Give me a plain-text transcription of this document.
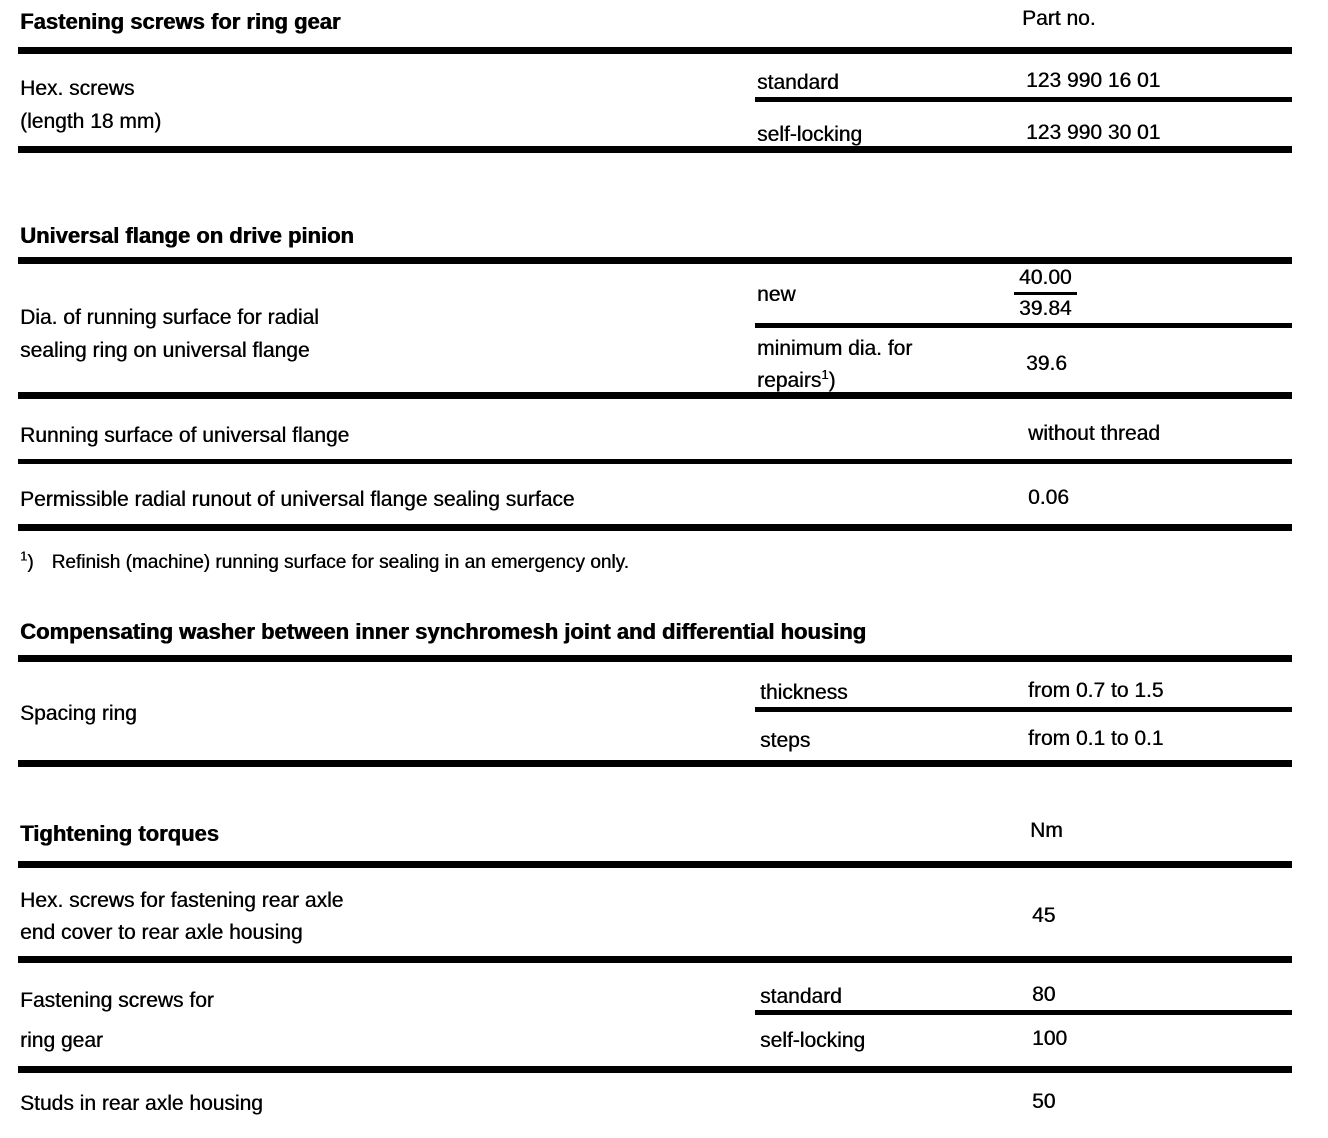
Fastening screws for ring gear	Part no.
Hex. screws
(length 18 mm)
standard	123 990 16 01
self-locking	123 990 30 01
Universal flange on drive pinion
Dia. of running surface for radial
sealing ring on universal flange
new	$\frac{40.00}{39.84}$
minimum dia. for
repairs$^1$)
39.6
Running surface of universal flange	without thread
Permissible radial runout of universal flange sealing surface	0.06
$^1$) Refinish (machine) running surface for sealing in an emergency only.
Compensating washer between inner synchromesh joint and differential housing
Spacing ring
thickness	from 0.7 to 1.5
steps	from 0.1 to 0.1
Tightening torques	Nm
Hex. screws for fastening rear axle
end cover to rear axle housing
45
Fastening screws for
ring gear
standard	80
self-locking	100
Studs in rear axle housing	50
